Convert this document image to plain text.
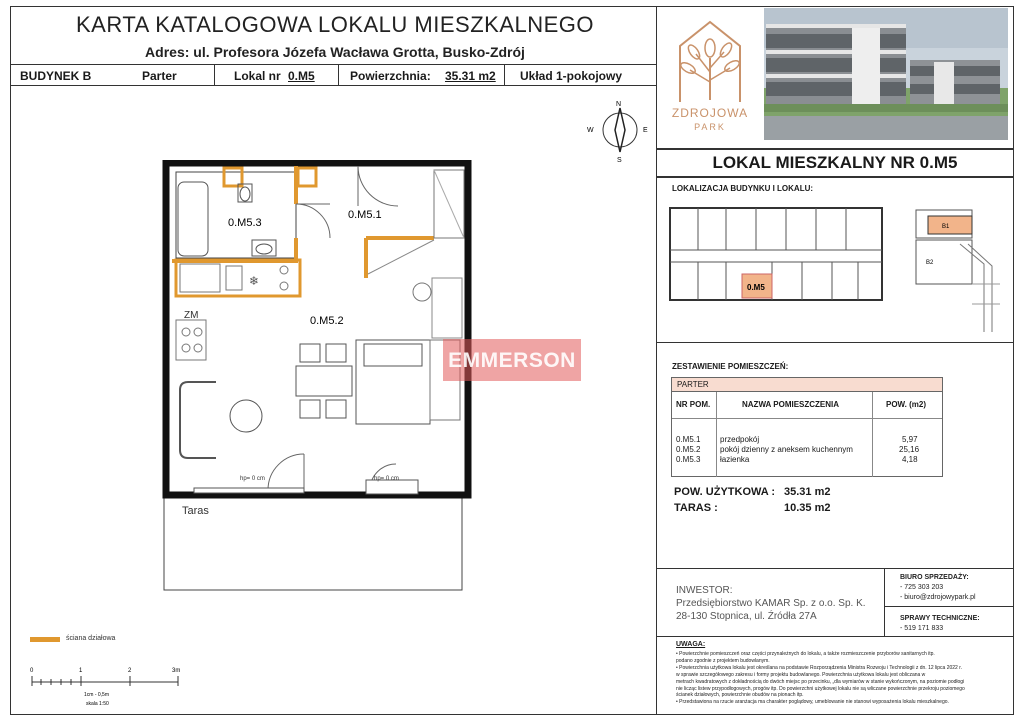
KARTA KATALOGOWA LOKALU MIESZKALNEGO
Adres: ul. Profesora Józefa Wacława Grotta, Busko-Zdrój
BUDYNEK B	Parter	Lokal nr 0.M5	Powierzchnia: 35.31 m2 Układ 1-pokojowy
N
S
E
W
❄
0.M5.3
0.M5.1
0.M5.2
ZM
hp= 0 cm	hp= 0 cm
Taras
ściana działowa
0	1	2	3m
1cm - 0,5m
skala 1:50
ZDROJOWA
PARK
LOKAL MIESZKALNY NR 0.M5
LOKALIZACJA BUDYNKU I LOKALU:
0.M5
B1
B2
ZESTAWIENIE POMIESZCZEŃ:
PARTER
NR POM.	NAZWA POMIESZCZENIA	POW. (m2)
0.M5.1 przedpokój	5,97
0.M5.2 pokój dzienny z aneksem kuchennym	25,16
0.M5.3 łazienka	4,18
POW. UŻYTKOWA : 35.31 m2
TARAS :	10.35 m2
INWESTOR:
Przedsiębiorstwo KAMAR Sp. z o.o. Sp. K.
28-130 Stopnica, ul. Źródła 27A
BIURO SPRZEDAŻY:
- 725 303 203
- biuro@zdrojowypark.pl
SPRAWY TECHNICZNE:
- 519 171 833
UWAGA:
• Powierzchnie pomieszczeń oraz części przynależnych do lokalu, a także rozmieszczenie przyborów sanitarnych itp.
podano zgodnie z projektem budowlanym.
• Powierzchnia użytkowa lokalu jest określana na podstawie Rozporządzenia Ministra Rozwoju i Technologii z dn. 12 lipca 2022 r.
w sprawie szczegółowego zakresu i formy projektu budowlanego. Powierzchnia użytkowa lokalu jest obliczana w
metrach kwadratowych z dokładnością do dwóch miejsc po przecinku, „dla wymiarów w stanie wykończonym, na poziomie podłogi
nie licząc listew przypodłogowych, progów itp. Do powierzchni użytkowej lokalu nie są wliczane powierzchnie przekroju poziomego
ścianek działowych, powierzchnie obudów na pionach itp.
• Przedstawiona na rzucie aranżacja ma charakter poglądowy, umeblowanie nie stanowi wyposażenia lokalu mieszkalnego.
EMMERSON
